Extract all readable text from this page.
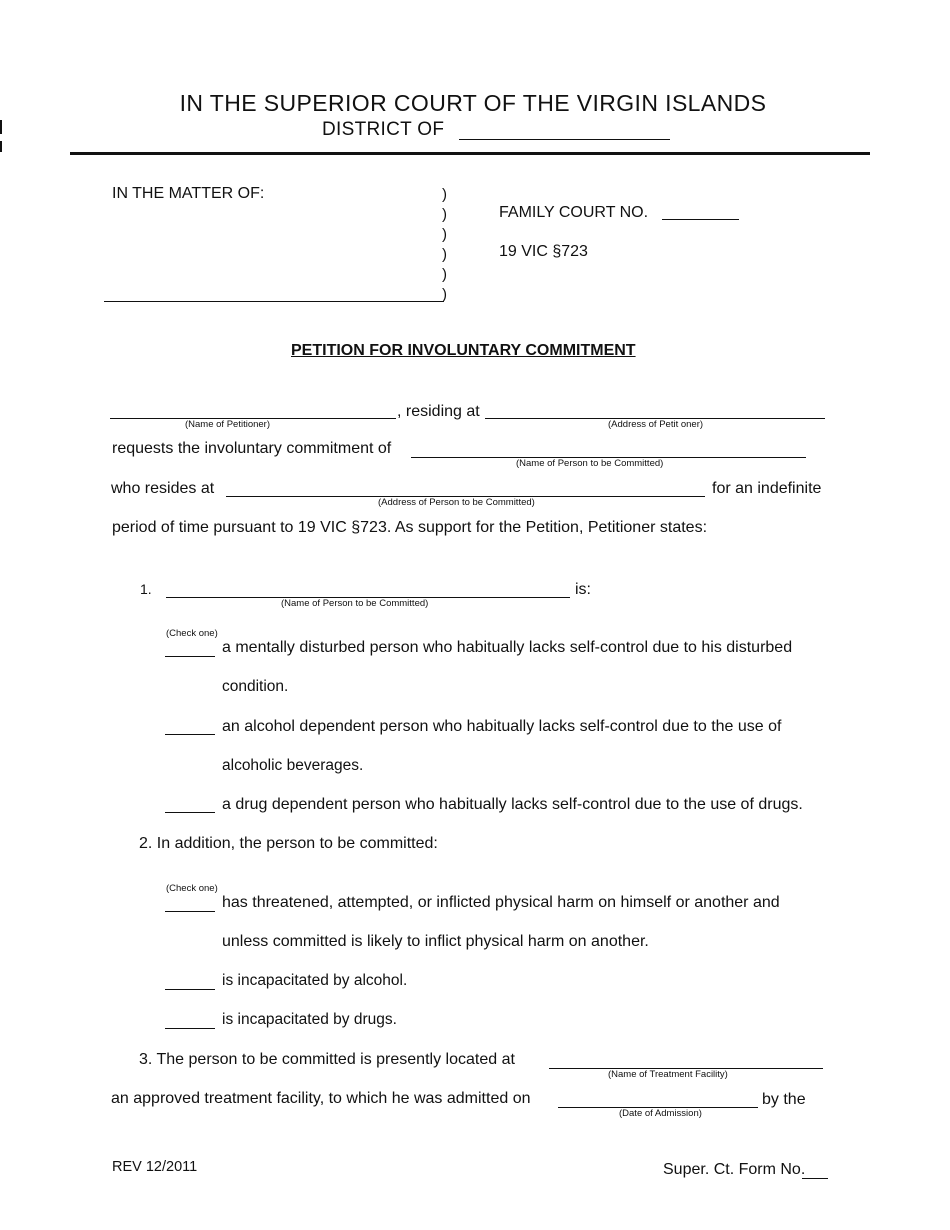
IN THE SUPERIOR COURT OF THE VIRGIN ISLANDS
DISTRICT OF
IN THE MATTER OF:	)
)
)
)
)
)
FAMILY COURT NO.
19 VIC §723
PETITION FOR INVOLUNTARY COMMITMENT
(Name of Petitioner)
, residing at
(Address of Petit oner)
requests the involuntary commitment of
(Name of Person to be Committed)
who resides at
(Address of Person to be Committed)
for an indefinite
period of time pursuant to 19 VIC §723. As support for the Petition, Petitioner states:
1.
(Name of Person to be Committed)
is:
(Check one)
a mentally disturbed person who habitually lacks self-control due to his disturbed
condition.
an alcohol dependent person who habitually lacks self-control due to the use of
alcoholic beverages.
a drug dependent person who habitually lacks self-control due to the use of drugs.
2. In addition, the person to be committed:
(Check one)
has threatened, attempted, or inflicted physical harm on himself or another and
unless committed is likely to inflict physical harm on another.
is incapacitated by alcohol.
is incapacitated by drugs.
3. The person to be committed is presently located at
(Name of Treatment Facility)
an approved treatment facility, to which he was admitted on
(Date of Admission)
by the
REV 12/2011	Super. Ct. Form No.
